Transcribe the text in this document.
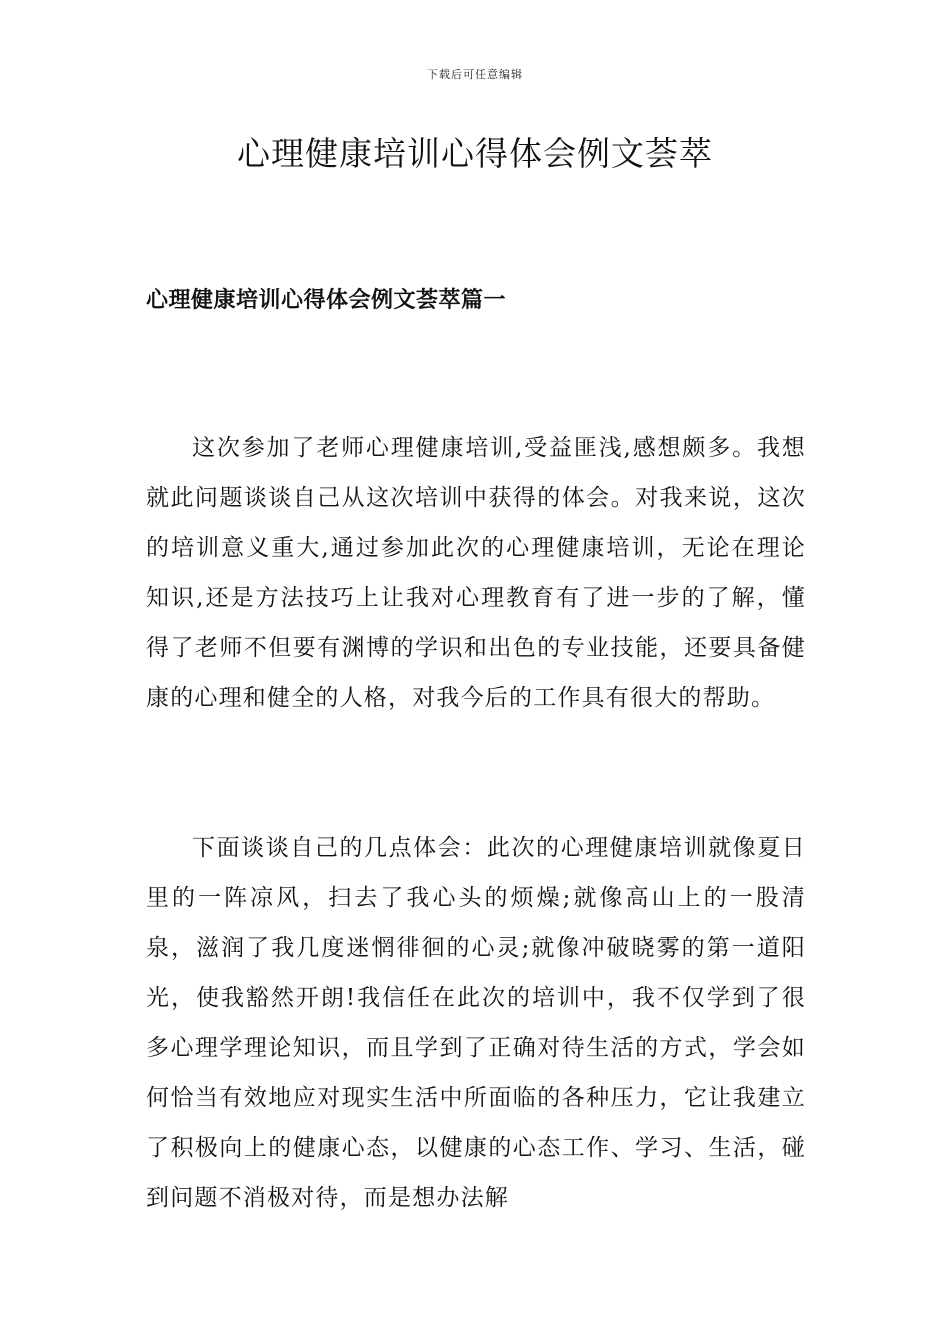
下载后可任意编辑
心理健康培训心得体会例文荟萃
心理健康培训心得体会例文荟萃篇一

这次参加了老师心理健康培训,受益匪浅,感想颇多。我想就此问题谈谈自己从这次培训中获得的体会。对我来说，这次的培训意义重大,通过参加此次的心理健康培训，无论在理论知识,还是方法技巧上让我对心理教育有了进一步的了解，懂得了老师不但要有渊博的学识和出色的专业技能，还要具备健康的心理和健全的人格，对我今后的工作具有很大的帮助。

下面谈谈自己的几点体会：此次的心理健康培训就像夏日里的一阵凉风，扫去了我心头的烦燥;就像高山上的一股清泉，滋润了我几度迷惘徘徊的心灵;就像冲破晓雾的第一道阳光，使我豁然开朗!我信任在此次的培训中，我不仅学到了很多心理学理论知识，而且学到了正确对待生活的方式，学会如何恰当有效地应对现实生活中所面临的各种压力，它让我建立了积极向上的健康心态，以健康的心态工作、学习、生活，碰到问题不消极对待，而是想办法解
